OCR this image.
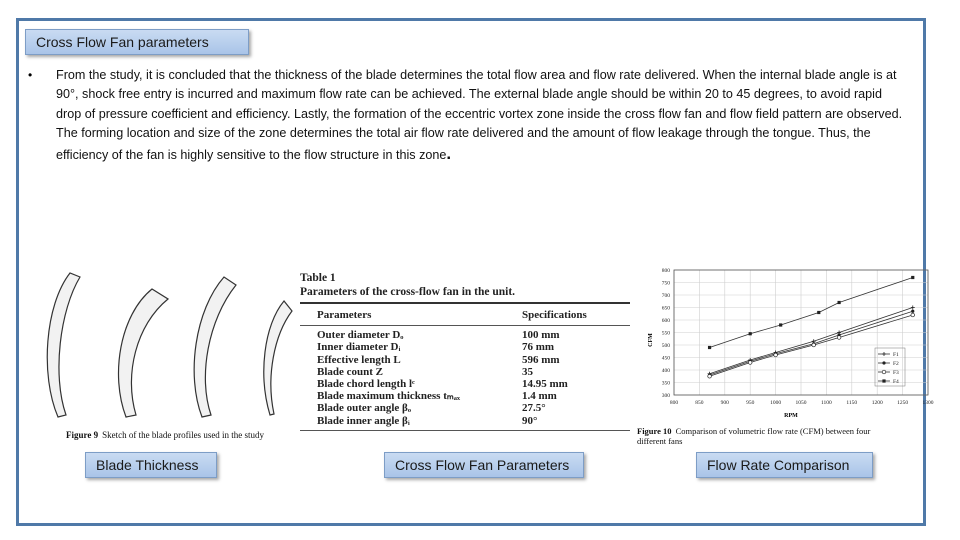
Cross Flow Fan parameters
• From the study, it is concluded that the thickness of the blade determines the total flow area and flow rate delivered. When the internal blade angle is at 90°, shock free entry is incurred and maximum flow rate can be achieved. The external blade angle should be within 20 to 45 degrees, to avoid rapid drop of pressure coefficient and efficiency. Lastly, the formation of the eccentric vortex zone inside the cross flow fan and flow field pattern are observed. The forming location and size of the zone determines the total air flow rate delivered and the amount of flow leakage through the tongue. Thus, the efficiency of the fan is highly sensitive to the flow structure in this zone.
Figure 9 Sketch of the blade profiles used in the study
Table 1
Parameters of the cross-flow fan in the unit.
Parameters	Specifications
Outer diameter Dₒ	100 mm
Inner diameter Dᵢ	76 mm
Effective length L	596 mm
Blade count Z	35
Blade chord length lᶜ	14.95 mm
Blade maximum thickness tₘₐₓ	1.4 mm
Blade outer angle βₒ	27.5°
Blade inner angle βᵢ	90°
300
350
400
450
500
550
600
650
700
750
800
800	850	900	950	1000	1050	1100	1150	1200	1250	1300
F1
F2
F3
F4
CFM
RPM
Figure 10 Comparison of volumetric flow rate (CFM) between four
different fans
Blade Thickness	Cross Flow Fan Parameters	Flow Rate Comparison
